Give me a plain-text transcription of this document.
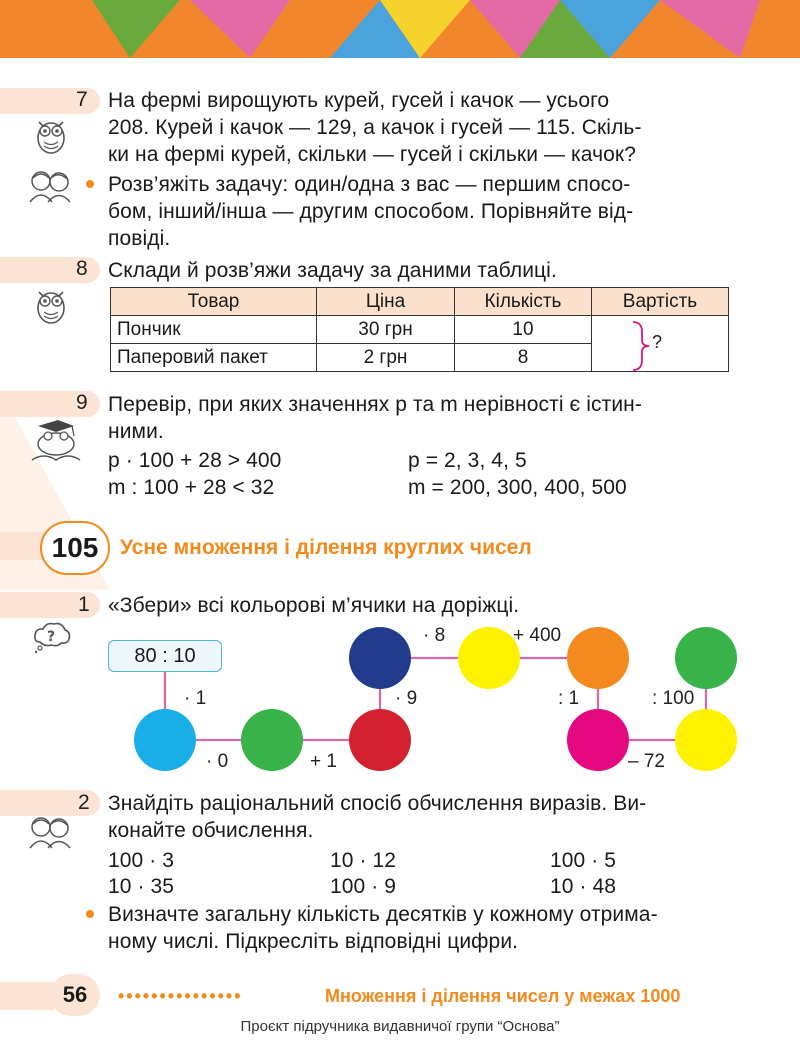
7 На фермі вирощують курей, гусей і качок — усього
208. Курей і качок — 129, а качок і гусей — 115. Скіль-
ки на фермі курей, скільки — гусей і скільки — качок?
Розв’яжіть задачу: один/одна з вас — першим спосо-
бом, інший/інша — другим способом. Порівняйте від-
повіді.
8 Склади й розв’яжи задачу за даними таблиці.
Товар	Ціна	Кількість	Вартість
Пончик	30 грн	10	?

Паперовий пакет	2 грн	8	
9 Перевір, при яких значеннях p та m нерівності є істин-
ними.
p · 100 + 28 > 400	p = 2, 3, 4, 5
m : 100 + 28 < 32	m = 200, 300, 400, 500
105	Усне множення і ділення круглих чисел
1 «Збери» всі кольорові м’ячики на доріжці.
?
80 : 10
· 1
· 0	+ 1
· 9
· 8	+ 400
: 1
– 72
: 100
2 Знайдіть раціональний спосіб обчислення виразів. Ви-
конайте обчислення.
100 · 3	10 · 12	100 · 5
10 · 35	100 · 9	10 · 48
Визначте загальну кількість десятків у кожному отрима-
ному числі. Підкресліть відповідні цифри.
56	•••••••••••••••	Множення і ділення чисел у межах 1000
Проєкт підручника видавничої групи “Основа”
